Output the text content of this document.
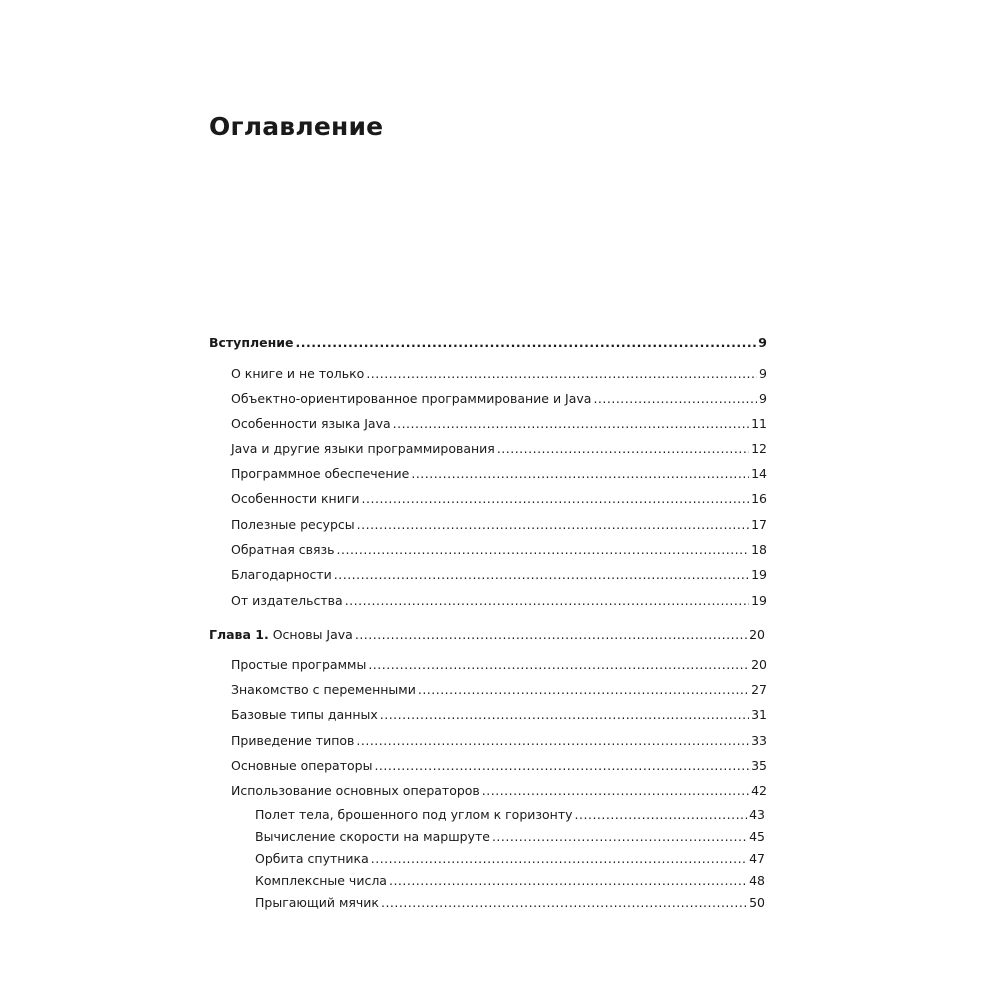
Оглавление
Вступление .....	9
О книге и не только .....	9
Объектно-ориентированное программирование и Java .....	9
Особенности языка Java .....	11
Java и другие языки программирования .....	12
Программное обеспечение .....	14
Особенности книги .....	16
Полезные ресурсы .....	17
Обратная связь .....	18
Благодарности .....	19
От издательства .....	19
Глава 1. Основы Java .....	20
Простые программы .....	20
Знакомство с переменными .....	27
Базовые типы данных .....	31
Приведение типов .....	33
Основные операторы .....	35
Использование основных операторов .....	42
Полет тела, брошенного под углом к горизонту .....	43
Вычисление скорости на маршруте .....	45
Орбита спутника .....	47
Комплексные числа .....	48
Прыгающий мячик .....	50
